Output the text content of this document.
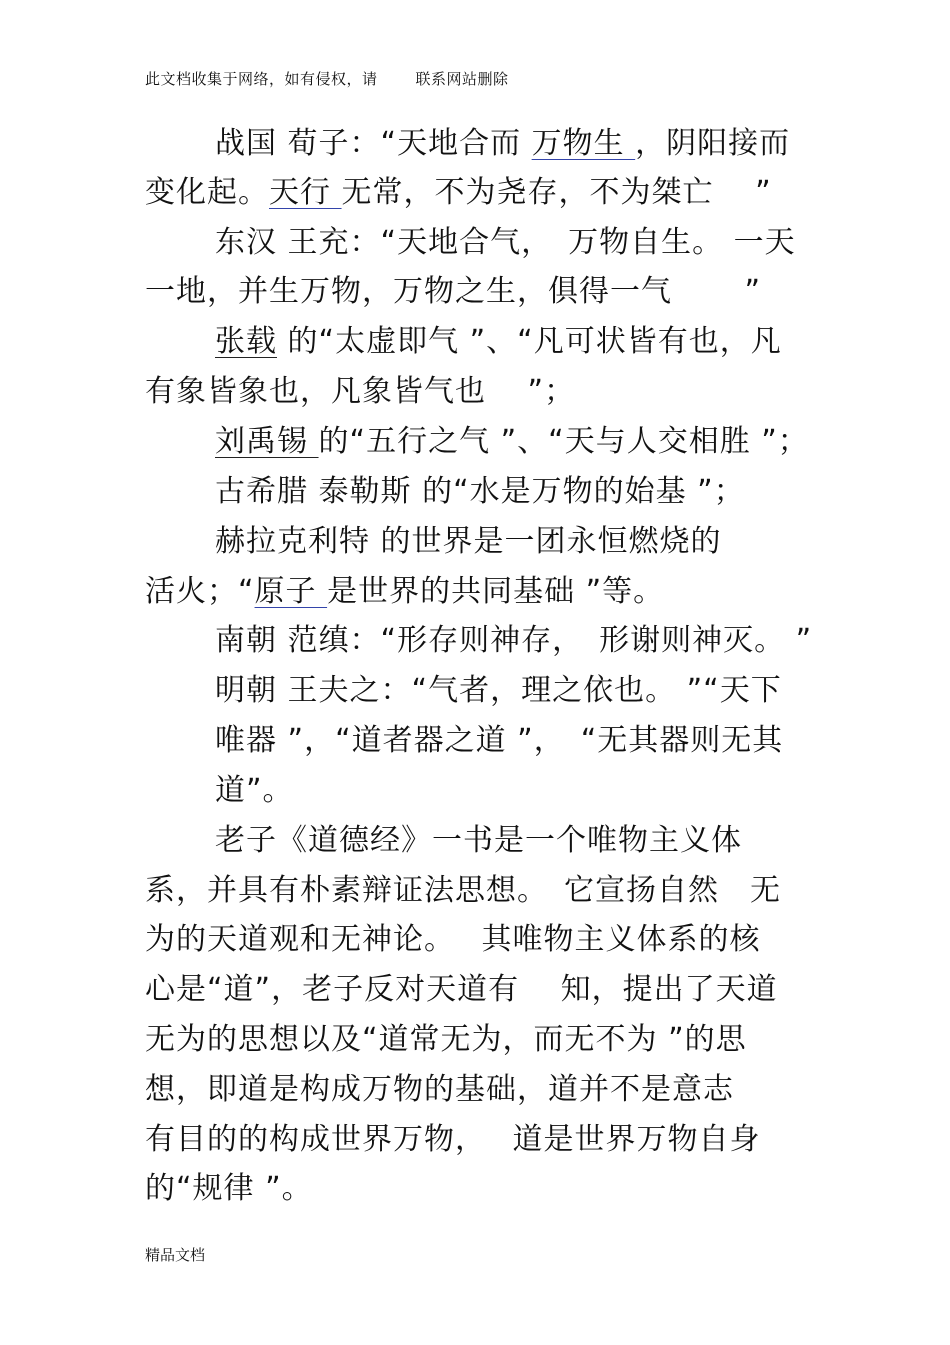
此文档收集于网络，如有侵权，请	联系网站删除
战国 荀子：“天地合而 万物生 ，阴阳接而
变化起。天行 无常，不为尧存，不为桀亡　 ”
东汉 王充：“天地合气，　万物自生。 一天
一地，并生万物，万物之生，俱得一气　　 ”
张载 的“太虚即气 ”、“凡可状皆有也，凡
有象皆象也，凡象皆气也　 ”；
刘禹锡 的“五行之气 ”、“天与人交相胜 ”；
古希腊 泰勒斯 的“水是万物的始基 ”；
赫拉克利特 的世界是一团永恒燃烧的
活火；“原子 是世界的共同基础 ”等。
南朝 范缜：“形存则神存，　形谢则神灭。 ”
明朝 王夫之：“气者，理之依也。 ”“天下
唯器 ”，“道者器之道 ”，　“无其器则无其
道”。
老子《道德经》一书是一个唯物主义体
系，并具有朴素辩证法思想。　它宣扬自然　无
为的天道观和无神论。　 其唯物主义体系的核
心是“道”，老子反对天道有　 知，提出了天道
无为的思想以及“道常无为，而无不为 ”的思
想，即道是构成万物的基础，道并不是意志
有目的的构成世界万物，　 道是世界万物自身
的“规律 ”。
精品文档
